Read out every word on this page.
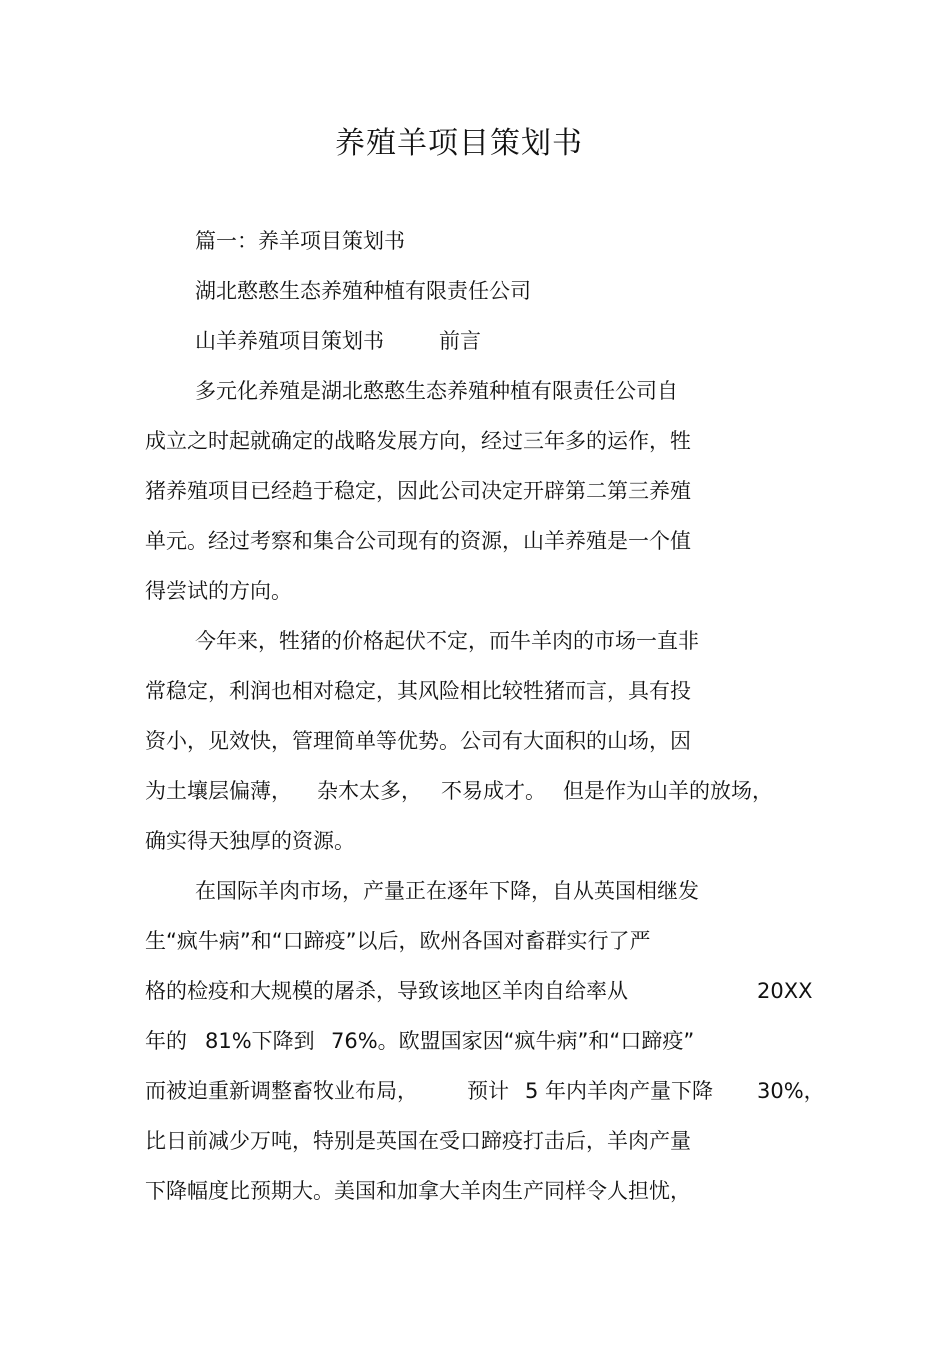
养殖羊项目策划书

篇一：养羊项目策划书

湖北憨憨生态养殖种植有限责任公司

山羊养殖项目策划书	前言

多元化养殖是湖北憨憨生态养殖种植有限责任公司自

成立之时起就确定的战略发展方向，经过三年多的运作，牲

猪养殖项目已经趋于稳定，因此公司决定开辟第二第三养殖

单元。经过考察和集合公司现有的资源，山羊养殖是一个值

得尝试的方向。

今年来，牲猪的价格起伏不定，而牛羊肉的市场一直非

常稳定，利润也相对稳定，其风险相比较牲猪而言，具有投

资小，见效快，管理简单等优势。公司有大面积的山场，因

为土壤层偏薄， 杂木太多， 不易成才。 但是作为山羊的放场，

确实得天独厚的资源。

在国际羊肉市场，产量正在逐年下降，自从英国相继发

生“疯牛病”和“口蹄疫”以后，欧州各国对畜群实行了严

格的检疫和大规模的屠杀，导致该地区羊肉自给率从	20XX

年的 81%下降到 76%。欧盟国家因“疯牛病”和“口蹄疫”

而被迫重新调整畜牧业布局， 预计 5 年内羊肉产量下降 30%，

比日前减少万吨，特别是英国在受口蹄疫打击后，羊肉产量

下降幅度比预期大。美国和加拿大羊肉生产同样令人担忧，
